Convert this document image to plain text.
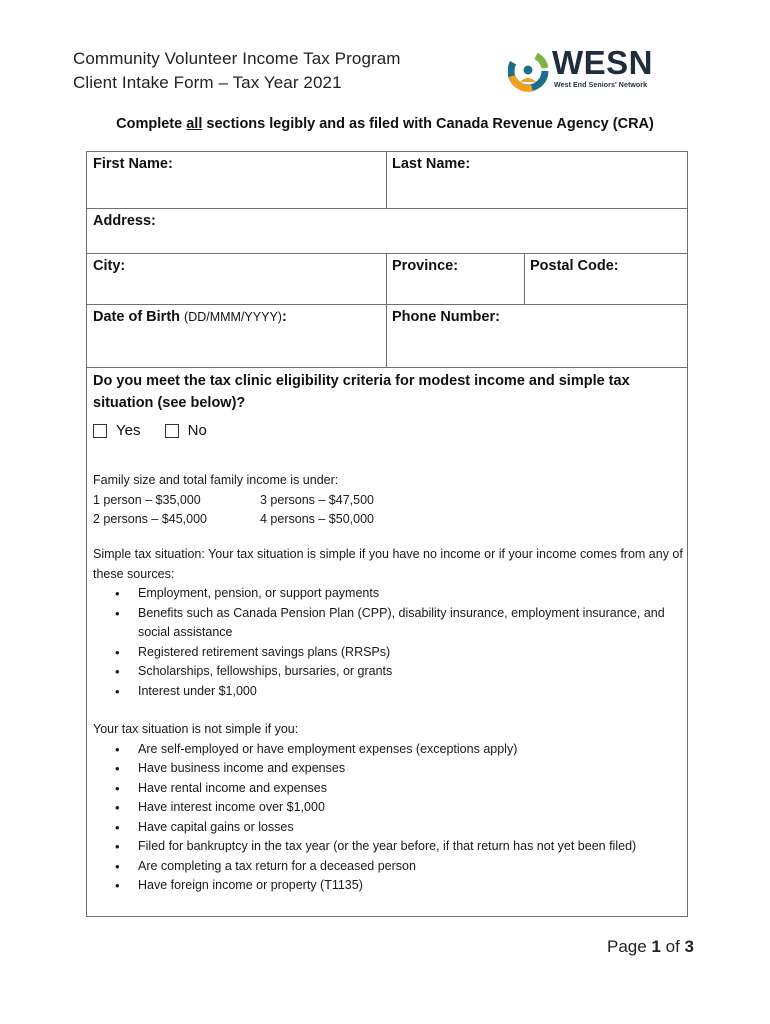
Community Volunteer Income Tax Program
Client Intake Form – Tax Year 2021
WESN
West End Seniors' Network
Complete all sections legibly and as filed with Canada Revenue Agency (CRA)
First Name:	Last Name:
Address:
City:	Province:	Postal Code:
Date of Birth (DD/MMM/YYYY):	Phone Number:
Do you meet the tax clinic eligibility criteria for modest income and simple tax situation (see below)?
Yes
	No
Family size and total family income is under:
1 person – $35,000	3 persons – $47,500
2 persons – $45,000	4 persons – $50,000
Simple tax situation: Your tax situation is simple if you have no income or if your income comes from any of these sources:
• Employment, pension, or support payments
• Benefits such as Canada Pension Plan (CPP), disability insurance, employment insurance, and social assistance
• Registered retirement savings plans (RRSPs)
• Scholarships, fellowships, bursaries, or grants
• Interest under $1,000
Your tax situation is not simple if you:
• Are self-employed or have employment expenses (exceptions apply)
• Have business income and expenses
• Have rental income and expenses
• Have interest income over $1,000
• Have capital gains or losses
• Filed for bankruptcy in the tax year (or the year before, if that return has not yet been filed)
• Are completing a tax return for a deceased person
• Have foreign income or property (T1135)
Page 1 of 3
